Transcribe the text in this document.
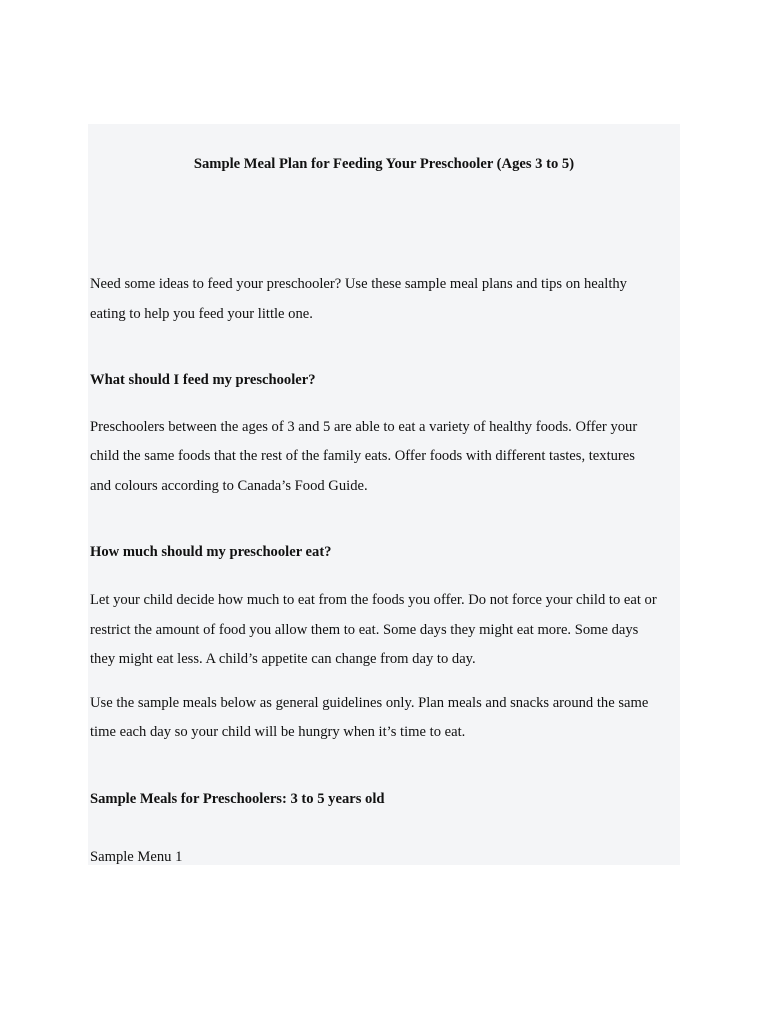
Sample Meal Plan for Feeding Your Preschooler (Ages 3 to 5)
Need some ideas to feed your preschooler? Use these sample meal plans and tips on healthy
eating to help you feed your little one.
What should I feed my preschooler?
Preschoolers between the ages of 3 and 5 are able to eat a variety of healthy foods. Offer your
child the same foods that the rest of the family eats. Offer foods with different tastes, textures
and colours according to Canada’s Food Guide.
How much should my preschooler eat?
Let your child decide how much to eat from the foods you offer. Do not force your child to eat or
restrict the amount of food you allow them to eat. Some days they might eat more. Some days
they might eat less. A child’s appetite can change from day to day.
Use the sample meals below as general guidelines only. Plan meals and snacks around the same
time each day so your child will be hungry when it’s time to eat.
Sample Meals for Preschoolers: 3 to 5 years old
Sample Menu 1
